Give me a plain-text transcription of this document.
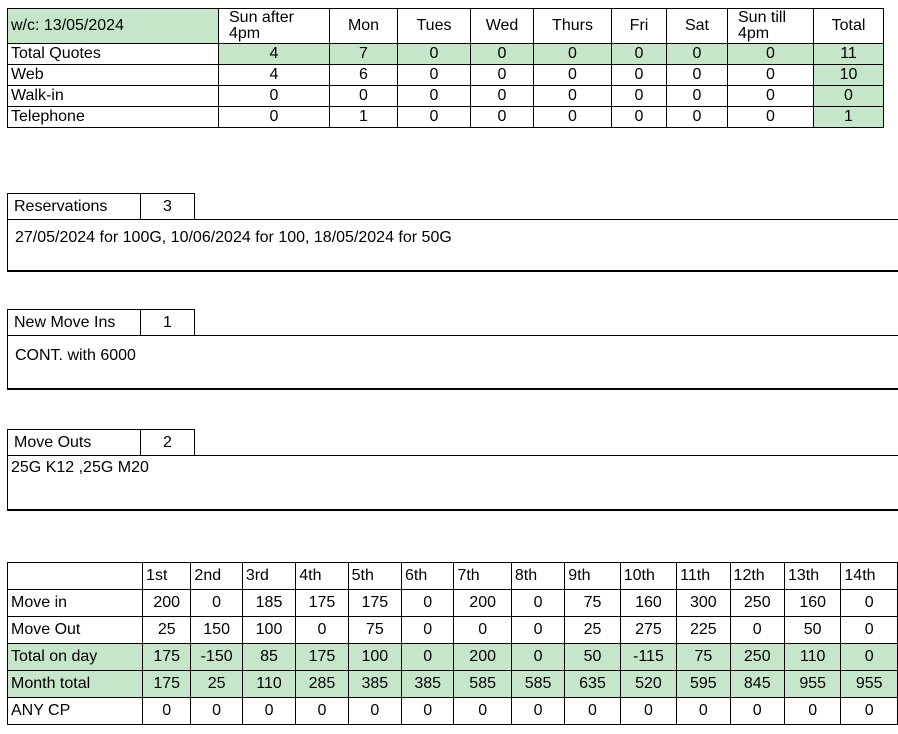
w/c: 13/05/2024	Sun after 4pm	Mon	Tues	Wed	Thurs	Fri	Sat	Sun till 4pm	Total
Total Quotes	4	7	0	0	0	0	0	0	11
Web	4	6	0	0	0	0	0	0	10
Walk-in	0	0	0	0	0	0	0	0	0
Telephone	0	1	0	0	0	0	0	0	1
Reservations	3
27/05/2024 for 100G, 10/06/2024 for 100, 18/05/2024 for 50G
New Move Ins	1
CONT. with 6000
Move Outs	2
25G K12 ,25G M20
	1st	2nd	3rd	4th	5th	6th	7th	8th	9th	10th	11th	12th	13th	14th
Move in	200	0	185	175	175	0	200	0	75	160	300	250	160	0
Move Out	25	150	100	0	75	0	0	0	25	275	225	0	50	0
Total on day	175	-150	85	175	100	0	200	0	50	-115	75	250	110	0
Month total	175	25	110	285	385	385	585	585	635	520	595	845	955	955
ANY CP	0	0	0	0	0	0	0	0	0	0	0	0	0	0
